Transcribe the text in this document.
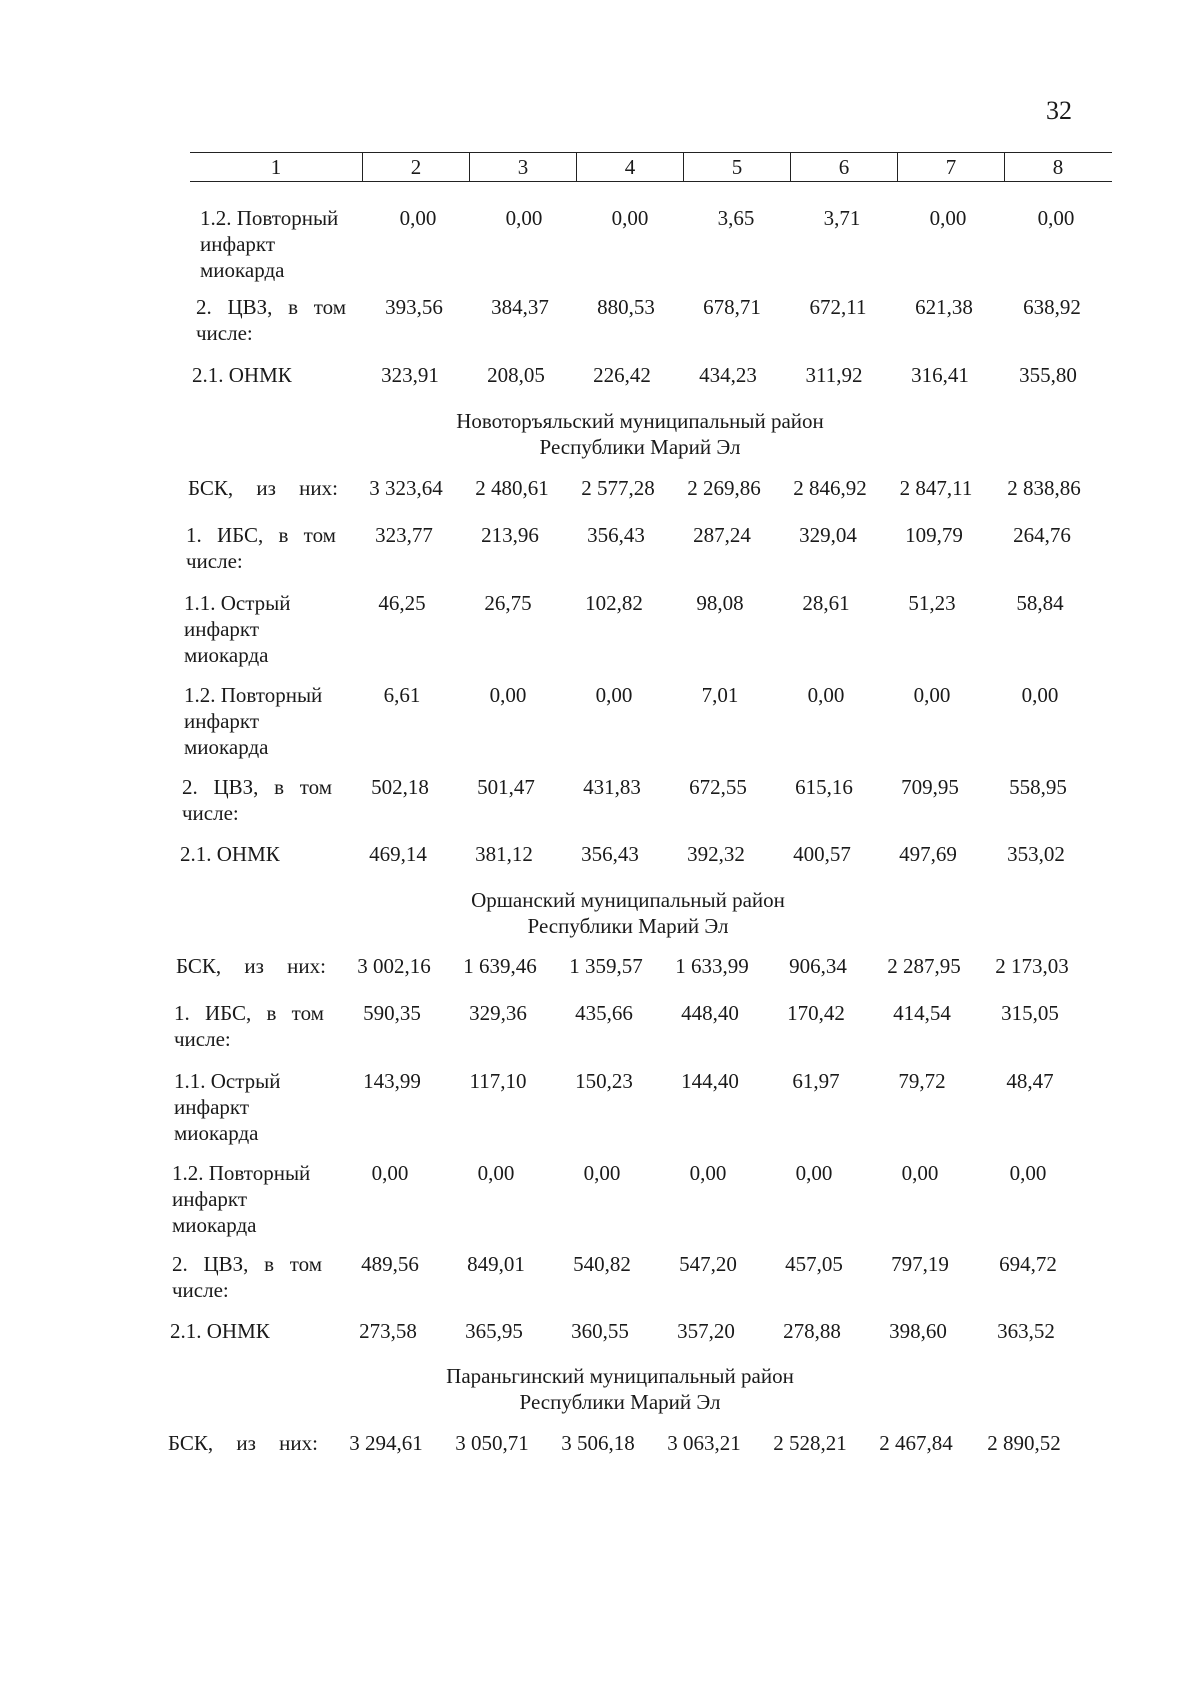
32
1	2	3	4	5	6	7	8
1.2. Повторный
инфаркт
миокарда
0,00	0,00	0,00	3,65	3,71	0,00	0,00
2. ЦВЗ, в том
числе:
393,56	384,37	880,53	678,71	672,11	621,38	638,92
2.1. ОНМК	323,91	208,05	226,42	434,23	311,92	316,41	355,80
Новоторъяльский муниципальный район
Республики Марий Эл
БСК, из них:	3 323,64	2 480,61	2 577,28	2 269,86	2 846,92	2 847,11	2 838,86
1. ИБС, в том
числе:
323,77	213,96	356,43	287,24	329,04	109,79	264,76
1.1. Острый
инфаркт
миокарда
46,25	26,75	102,82	98,08	28,61	51,23	58,84
1.2. Повторный
инфаркт
миокарда
6,61	0,00	0,00	7,01	0,00	0,00	0,00
2. ЦВЗ, в том
числе:
502,18	501,47	431,83	672,55	615,16	709,95	558,95
2.1. ОНМК	469,14	381,12	356,43	392,32	400,57	497,69	353,02
Оршанский муниципальный район
Республики Марий Эл
БСК, из них:	3 002,16	1 639,46	1 359,57	1 633,99	906,34	2 287,95	2 173,03
1. ИБС, в том
числе:
590,35	329,36	435,66	448,40	170,42	414,54	315,05
1.1. Острый
инфаркт
миокарда
143,99	117,10	150,23	144,40	61,97	79,72	48,47
1.2. Повторный
инфаркт
миокарда
0,00	0,00	0,00	0,00	0,00	0,00	0,00
2. ЦВЗ, в том
числе:
489,56	849,01	540,82	547,20	457,05	797,19	694,72
2.1. ОНМК	273,58	365,95	360,55	357,20	278,88	398,60	363,52
Параньгинский муниципальный район
Республики Марий Эл
БСК, из них:	3 294,61	3 050,71	3 506,18	3 063,21	2 528,21	2 467,84	2 890,52
